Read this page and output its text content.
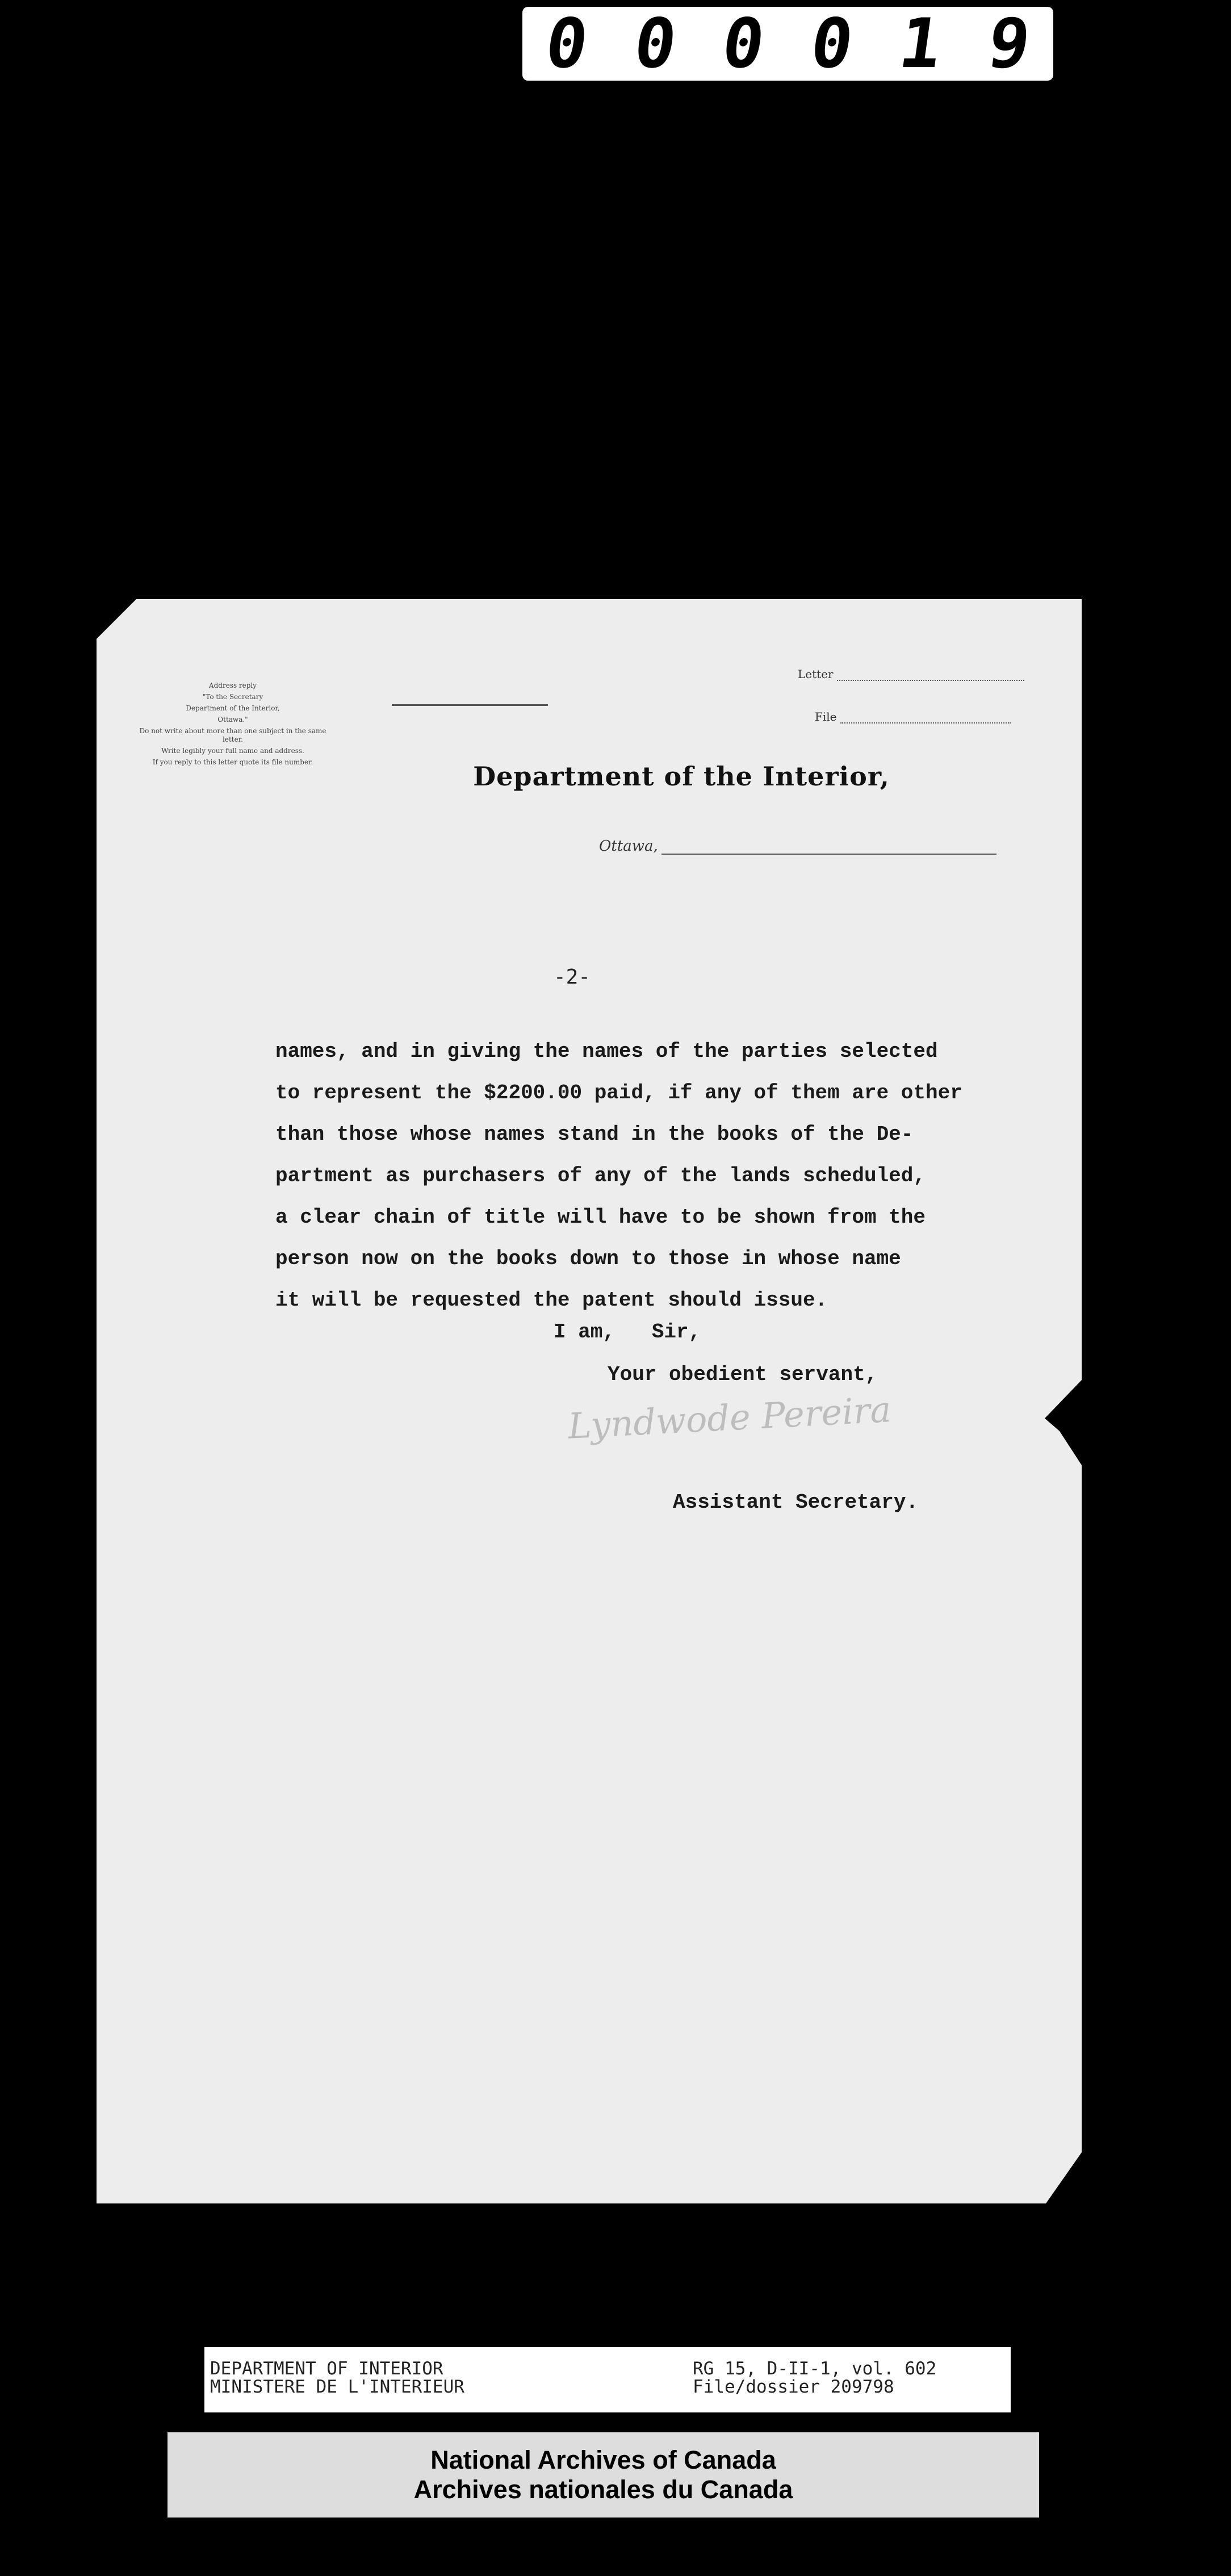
0 0 0 0 1 9

Address reply

"To the Secretary

Department of the Interior,

Ottawa."

Do not write about more than one subject in the same letter.

Write legibly your full name and address.

If you reply to this letter quote its file number.

Letter
File
Department of the Interior,
Ottawa,
-2-
names, and in giving the names of the parties selected
to represent the $2200.00 paid, if any of them are other
than those whose names stand in the books of the De-
partment as purchasers of any of the lands scheduled,
a clear chain of title will have to be shown from the
person now on the books down to those in whose name
it will be requested the patent should issue.
I am,   Sir,
Your obedient servant,
Lyndwode Pereira
Assistant Secretary.
DEPARTMENT OF INTERIOR
MINISTERE DE L'INTERIEUR
RG 15, D-II-1, vol. 602
File/dossier 209798
National Archives of Canada
Archives nationales du Canada
